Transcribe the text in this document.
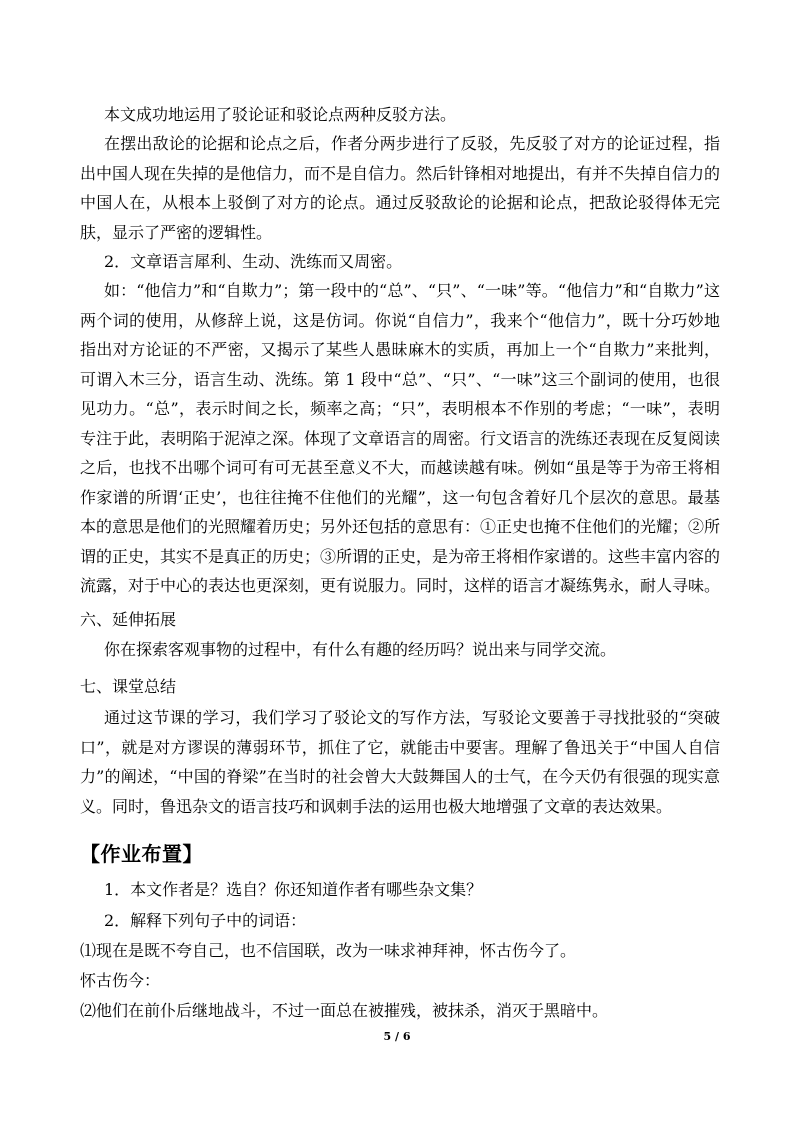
本文成功地运用了驳论证和驳论点两种反驳方法。

在摆出敌论的论据和论点之后，作者分两步进行了反驳，先反驳了对方的论证过程，指出中国人现在失掉的是他信力，而不是自信力。然后针锋相对地提出，有并不失掉自信力的中国人在，从根本上驳倒了对方的论点。通过反驳敌论的论据和论点，把敌论驳得体无完肤，显示了严密的逻辑性。

2．文章语言犀利、生动、洗练而又周密。

如：“他信力”和“自欺力”；第一段中的“总”、“只”、“一味”等。“他信力”和“自欺力”这两个词的使用，从修辞上说，这是仿词。你说“自信力”，我来个“他信力”，既十分巧妙地指出对方论证的不严密，又揭示了某些人愚昧麻木的实质，再加上一个“自欺力”来批判，可谓入木三分，语言生动、洗练。第 1 段中“总”、“只”、“一味”这三个副词的使用，也很见功力。“总”，表示时间之长，频率之高；“只”，表明根本不作别的考虑；“一味”，表明专注于此，表明陷于泥淖之深。体现了文章语言的周密。行文语言的洗练还表现在反复阅读之后，也找不出哪个词可有可无甚至意义不大，而越读越有味。例如“虽是等于为帝王将相作家谱的所谓‘正史’，也往往掩不住他们的光耀”，这一句包含着好几个层次的意思。最基本的意思是他们的光照耀着历史；另外还包括的意思有：①正史也掩不住他们的光耀；②所谓的正史，其实不是真正的历史；③所谓的正史，是为帝王将相作家谱的。这些丰富内容的流露，对于中心的表达也更深刻，更有说服力。同时，这样的语言才凝练隽永，耐人寻味。

六、延伸拓展

你在探索客观事物的过程中，有什么有趣的经历吗？说出来与同学交流。

七、课堂总结

通过这节课的学习，我们学习了驳论文的写作方法，写驳论文要善于寻找批驳的“突破口”，就是对方谬误的薄弱环节，抓住了它，就能击中要害。理解了鲁迅关于“中国人自信力”的阐述，“中国的脊梁”在当时的社会曾大大鼓舞国人的士气，在今天仍有很强的现实意义。同时，鲁迅杂文的语言技巧和讽刺手法的运用也极大地增强了文章的表达效果。

【作业布置】

1．本文作者是？选自？你还知道作者有哪些杂文集？

2．解释下列句子中的词语：

⑴现在是既不夸自己，也不信国联，改为一味求神拜神，怀古伤今了。

怀古伤今：

⑵他们在前仆后继地战斗，不过一面总在被摧残，被抹杀，消灭于黑暗中。

5 / 6
